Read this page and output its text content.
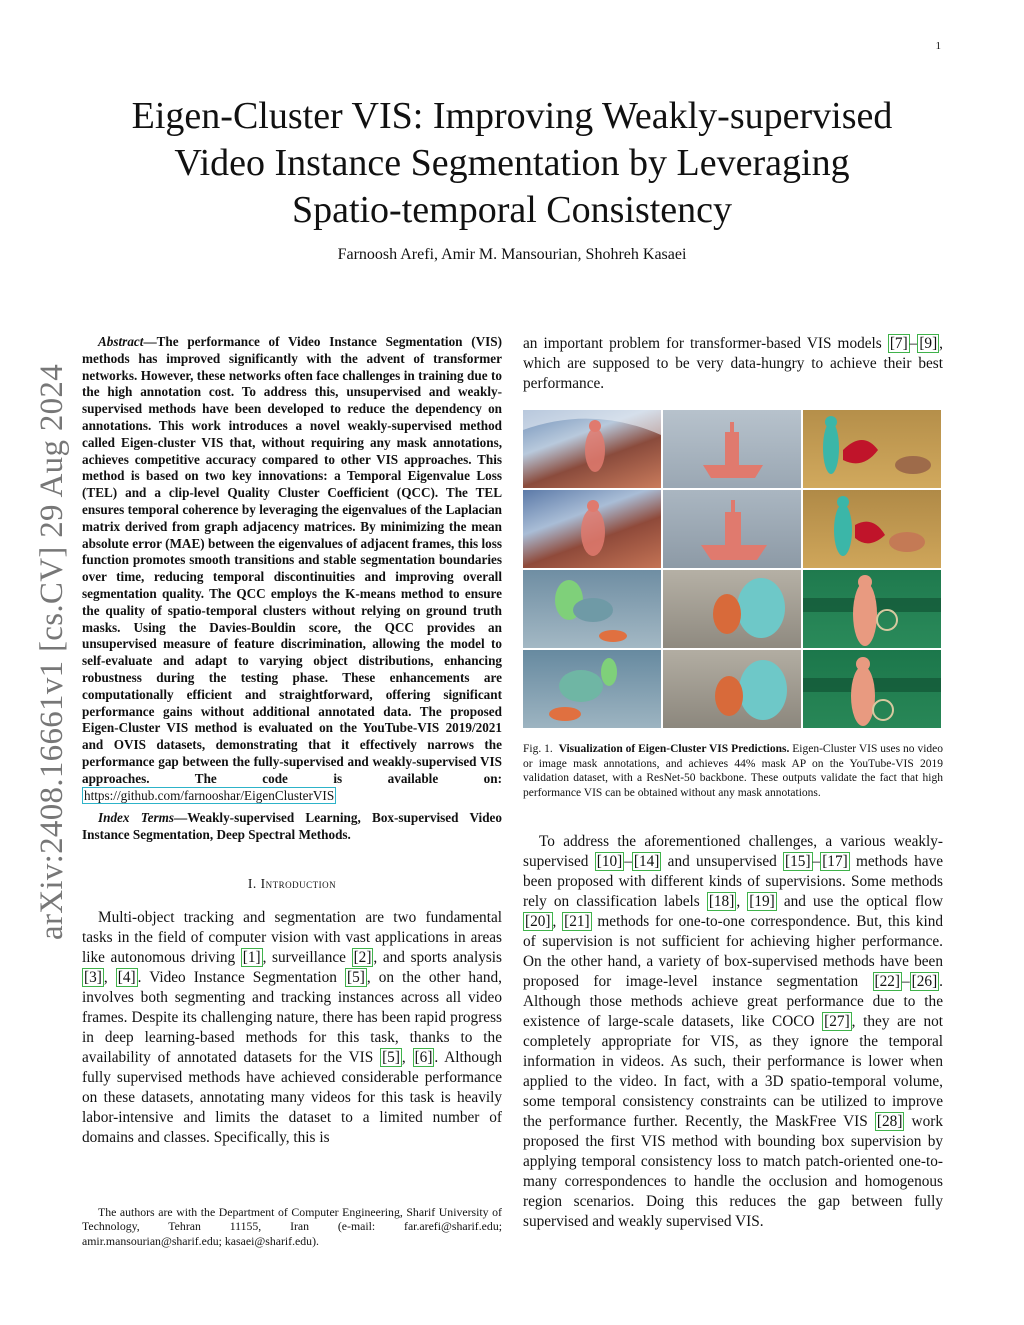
1
arXiv:2408.16661v1 [cs.CV] 29 Aug 2024
Eigen-Cluster VIS: Improving Weakly-supervised
Video Instance Segmentation by Leveraging
Spatio-temporal Consistency
Farnoosh Arefi, Amir M. Mansourian, Shohreh Kasaei

Abstract—The performance of Video Instance Segmentation (VIS) methods has improved significantly with the advent of transformer networks. However, these networks often face challenges in training due to the high annotation cost. To address this, unsupervised and weakly-supervised methods have been developed to reduce the dependency on annotations. This work introduces a novel weakly-supervised method called Eigen-cluster VIS that, without requiring any mask annotations, achieves competitive accuracy compared to other VIS approaches. This method is based on two key innovations: a Temporal Eigenvalue Loss (TEL) and a clip-level Quality Cluster Coefficient (QCC). The TEL ensures temporal coherence by leveraging the eigenvalues of the Laplacian matrix derived from graph adjacency matrices. By minimizing the mean absolute error (MAE) between the eigenvalues of adjacent frames, this loss function promotes smooth transitions and stable segmentation boundaries over time, reducing temporal discontinuities and improving overall segmentation quality. The QCC employs the K-means method to ensure the quality of spatio-temporal clusters without relying on ground truth masks. Using the Davies-Bouldin score, the QCC provides an unsupervised measure of feature discrimination, allowing the model to self-evaluate and adapt to varying object distributions, enhancing robustness during the testing phase. These enhancements are computationally efficient and straightforward, offering significant performance gains without additional annotated data. The proposed Eigen-Cluster VIS method is evaluated on the YouTube-VIS 2019/2021 and OVIS datasets, demonstrating that it effectively narrows the performance gap between the fully-supervised and weakly-supervised VIS approaches. The code is available on: https://github.com/farnooshar/EigenClusterVIS

Index Terms—Weakly-supervised Learning, Box-supervised Video Instance Segmentation, Deep Spectral Methods.

I. Introduction

Multi-object tracking and segmentation are two fundamental tasks in the field of computer vision with vast applications in areas like autonomous driving [1] , surveillance [2] , and sports analysis [3] , [4] . Video Instance Segmentation [5] , on the other hand, involves both segmenting and tracking instances across all video frames. Despite its challenging nature, there has been rapid progress in deep learning-based methods for this task, thanks to the availability of annotated datasets for the VIS [5] , [6] . Although fully supervised methods have achieved considerable performance on these datasets, annotating many videos for this task is heavily labor-intensive and limits the dataset to a limited number of domains and classes. Specifically, this is

The authors are with the Department of Computer Engineering, Sharif University of Technology, Tehran 11155, Iran (e-mail: far.arefi@sharif.edu; amir.mansourian@sharif.edu; kasaei@sharif.edu).

an important problem for transformer-based VIS models [7] – [9] , which are supposed to be very data-hungry to achieve their best performance.

Fig. 1. Visualization of Eigen-Cluster VIS Predictions. Eigen-Cluster VIS uses no video or image mask annotations, and achieves 44% mask AP on the YouTube-VIS 2019 validation dataset, with a ResNet-50 backbone. These outputs validate the fact that high performance VIS can be obtained without any mask annotations.

To address the aforementioned challenges, a various weakly-supervised [10] – [14] and unsupervised [15] – [17] methods have been proposed with different kinds of supervisions. Some methods rely on classification labels [18] , [19] and use the optical flow [20] , [21] methods for one-to-one correspondence. But, this kind of supervision is not sufficient for achieving higher performance. On the other hand, a variety of box-supervised methods have been proposed for image-level instance segmentation [22] – [26] . Although those methods achieve great performance due to the existence of large-scale datasets, like COCO [27] , they are not completely appropriate for VIS, as they ignore the temporal information in videos. As such, their performance is lower when applied to the video. In fact, with a 3D spatio-temporal volume, some temporal consistency constraints can be utilized to improve the performance further. Recently, the MaskFree VIS [28] work proposed the first VIS method with bounding box supervision by applying temporal consistency loss to match patch-oriented one-to-many correspondences to handle the occlusion and homogenous region scenarios. Doing this reduces the gap between fully supervised and weakly supervised VIS.
